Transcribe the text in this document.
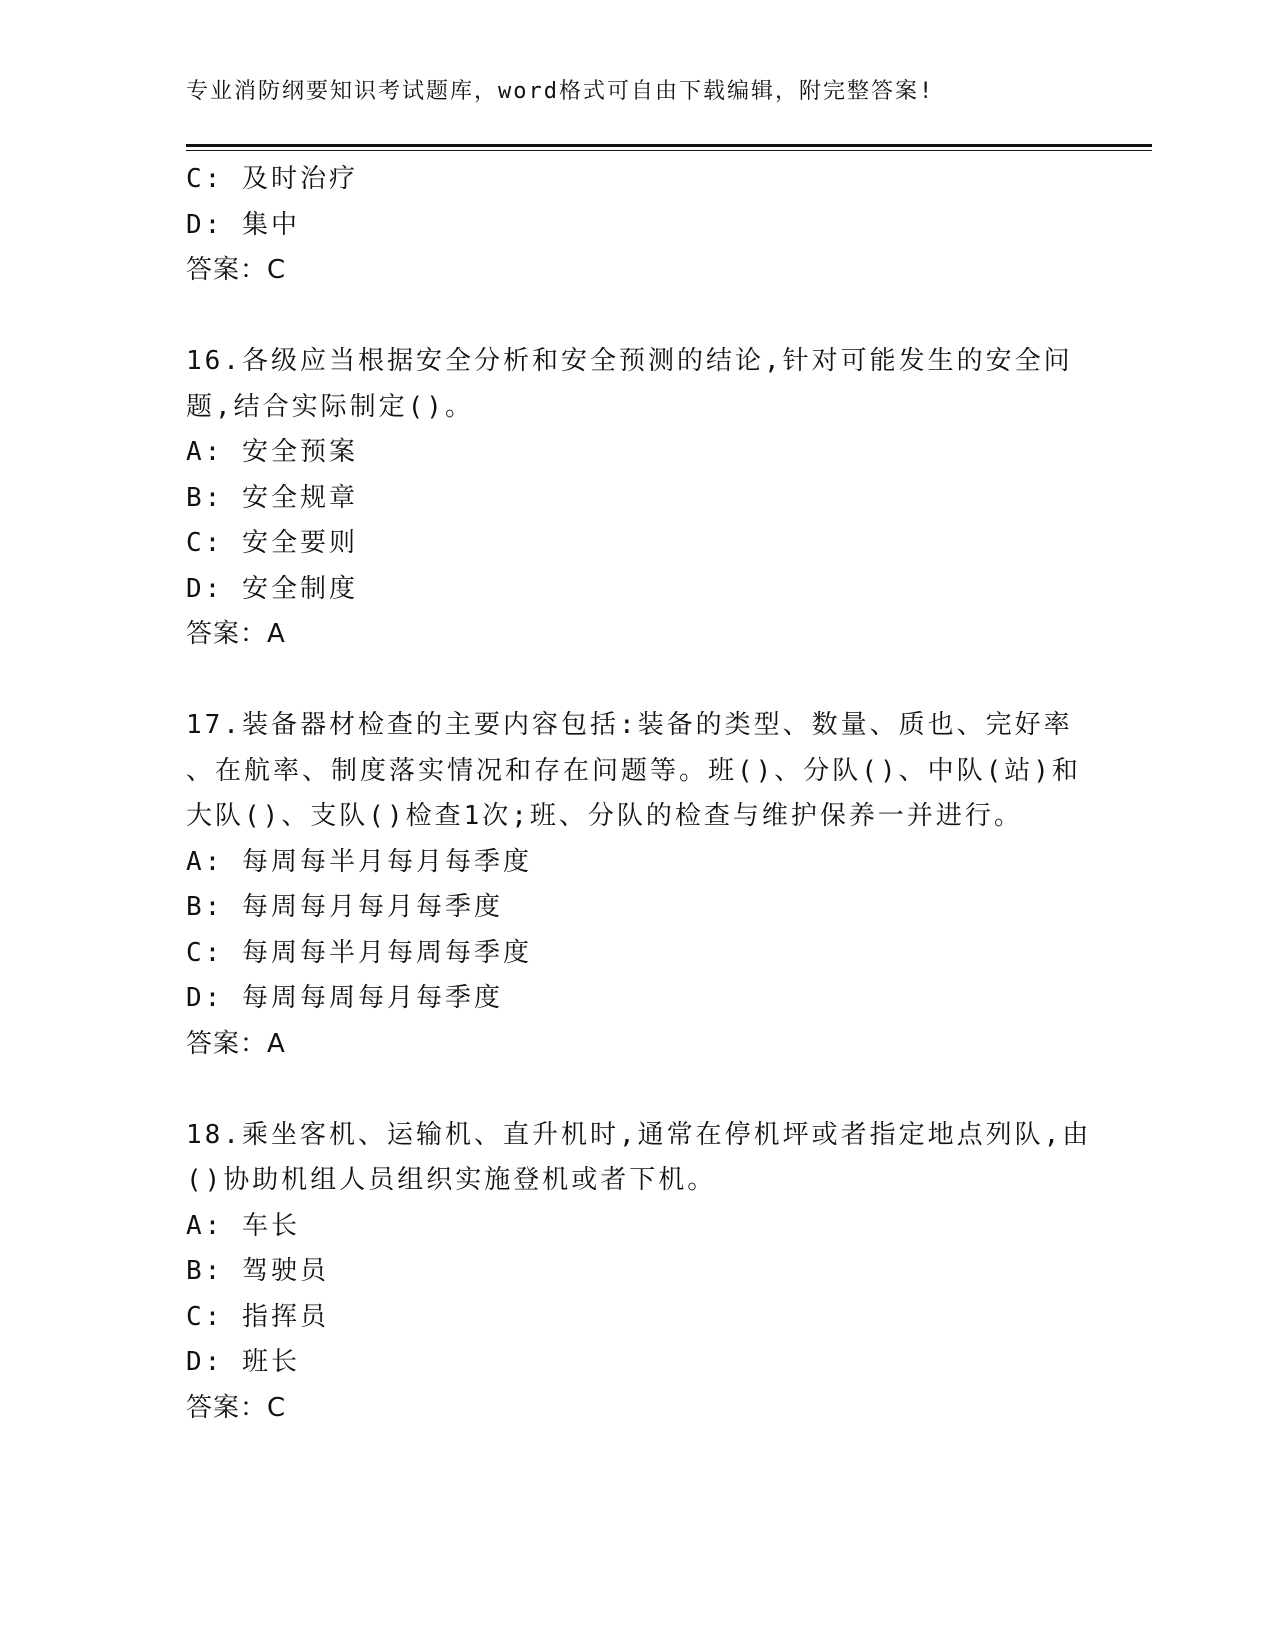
专业消防纲要知识考试题库，word格式可自由下载编辑，附完整答案!
C: 及时治疗
D: 集中
答案：C
16.各级应当根据安全分析和安全预测的结论,针对可能发生的安全问
题,结合实际制定()。
A: 安全预案
B: 安全规章
C: 安全要则
D: 安全制度
答案：A
17.装备器材检查的主要内容包括:装备的类型、数量、质也、完好率
、在航率、制度落实情况和存在问题等。班()、分队()、中队(站)和
大队()、支队()检查1次;班、分队的检查与维护保养一并进行。
A: 每周每半月每月每季度
B: 每周每月每月每季度
C: 每周每半月每周每季度
D: 每周每周每月每季度
答案：A
18.乘坐客机、运输机、直升机时,通常在停机坪或者指定地点列队,由
()协助机组人员组织实施登机或者下机。
A: 车长
B: 驾驶员
C: 指挥员
D: 班长
答案：C
